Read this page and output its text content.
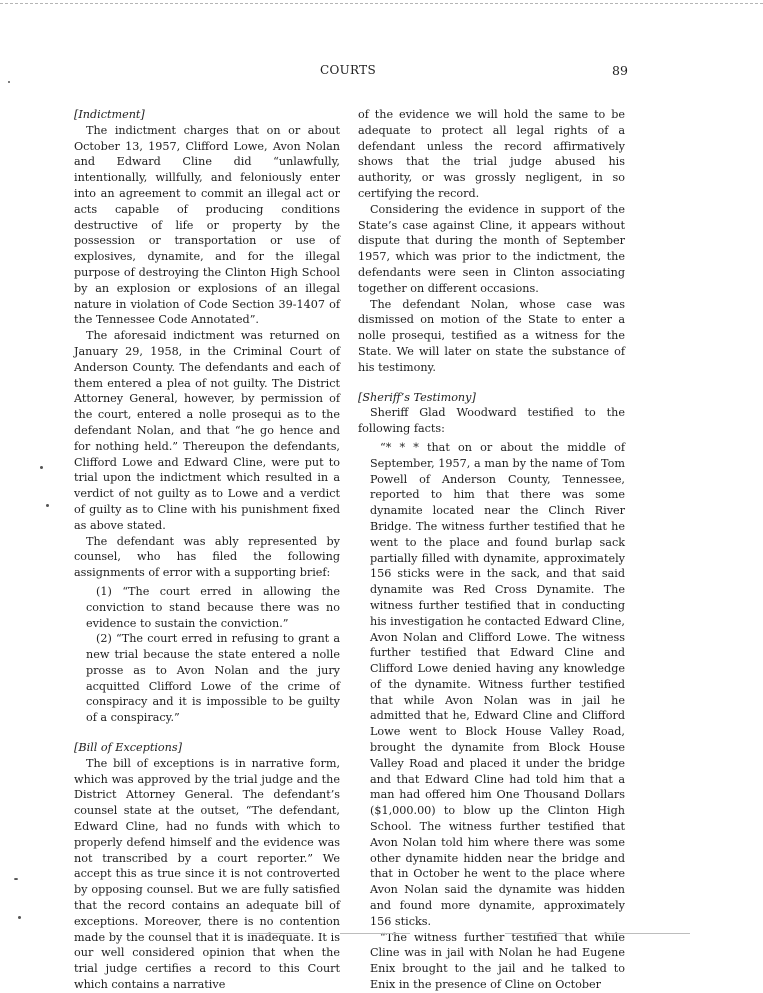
COURTS	89

[Indictment]

The indictment charges that on or about October 13, 1957, Clifford Lowe, Avon Nolan and Edward Cline did “unlawfully, intentionally, willfully, and feloniously enter into an agreement to commit an illegal act or acts capable of producing conditions destructive of life or property by the possession or transportation or use of explosives, dynamite, and for the illegal purpose of destroying the Clinton High School by an explosion or explosions of an illegal nature in violation of Code Section 39-1407 of the Tennessee Code Annotated”.

The aforesaid indictment was returned on January 29, 1958, in the Criminal Court of Anderson County. The defendants and each of them entered a plea of not guilty. The District Attorney General, however, by permission of the court, entered a nolle prosequi as to the defendant Nolan, and that “he go hence and for nothing held.” Thereupon the defendants, Clifford Lowe and Edward Cline, were put to trial upon the indictment which resulted in a verdict of not guilty as to Lowe and a verdict of guilty as to Cline with his punishment fixed as above stated.

The defendant was ably represented by counsel, who has filed the following assignments of error with a supporting brief:

(1) “The court erred in allowing the conviction to stand because there was no evidence to sustain the conviction.”

(2) “The court erred in refusing to grant a new trial because the state entered a nolle prosse as to Avon Nolan and the jury acquitted Clifford Lowe of the crime of conspiracy and it is impossible to be guilty of a conspiracy.”

[Bill of Exceptions]

The bill of exceptions is in narrative form, which was approved by the trial judge and the District Attorney General. The defendant’s counsel state at the outset, “The defendant, Edward Cline, had no funds with which to properly defend himself and the evidence was not transcribed by a court reporter.” We accept this as true since it is not controverted by opposing counsel. But we are fully satisfied that the record contains an adequate bill of exceptions. Moreover, there is no contention made by the counsel that it is inadequate. It is our well considered opinion that when the trial judge certifies a record to this Court which contains a narrative

of the evidence we will hold the same to be adequate to protect all legal rights of a defendant unless the record affirmatively shows that the trial judge abused his authority, or was grossly negligent, in so certifying the record.

Considering the evidence in support of the State’s case against Cline, it appears without dispute that during the month of September 1957, which was prior to the indictment, the defendants were seen in Clinton associating together on different occasions.

The defendant Nolan, whose case was dismissed on motion of the State to enter a nolle prosequi, testified as a witness for the State. We will later on state the substance of his testimony.

[Sheriff’s Testimony]

Sheriff Glad Woodward testified to the following facts:

“* * * that on or about the middle of September, 1957, a man by the name of Tom Powell of Anderson County, Tennessee, reported to him that there was some dynamite located near the Clinch River Bridge. The witness further testified that he went to the place and found burlap sack partially filled with dynamite, approximately 156 sticks were in the sack, and that said dynamite was Red Cross Dynamite. The witness further testified that in conducting his investigation he contacted Edward Cline, Avon Nolan and Clifford Lowe. The witness further testified that Edward Cline and Clifford Lowe denied having any knowledge of the dynamite. Witness further testified that while Avon Nolan was in jail he admitted that he, Edward Cline and Clifford Lowe went to Block House Valley Road, brought the dynamite from Block House Valley Road and placed it under the bridge and that Edward Cline had told him that a man had offered him One Thousand Dollars ($1,000.00) to blow up the Clinton High School. The witness further testified that Avon Nolan told him where there was some other dynamite hidden near the bridge and that in October he went to the place where Avon Nolan said the dynamite was hidden and found more dynamite, approximately 156 sticks.

“The witness further testified that while Cline was in jail with Nolan he had Eugene Enix brought to the jail and he talked to Enix in the presence of Cline on October
